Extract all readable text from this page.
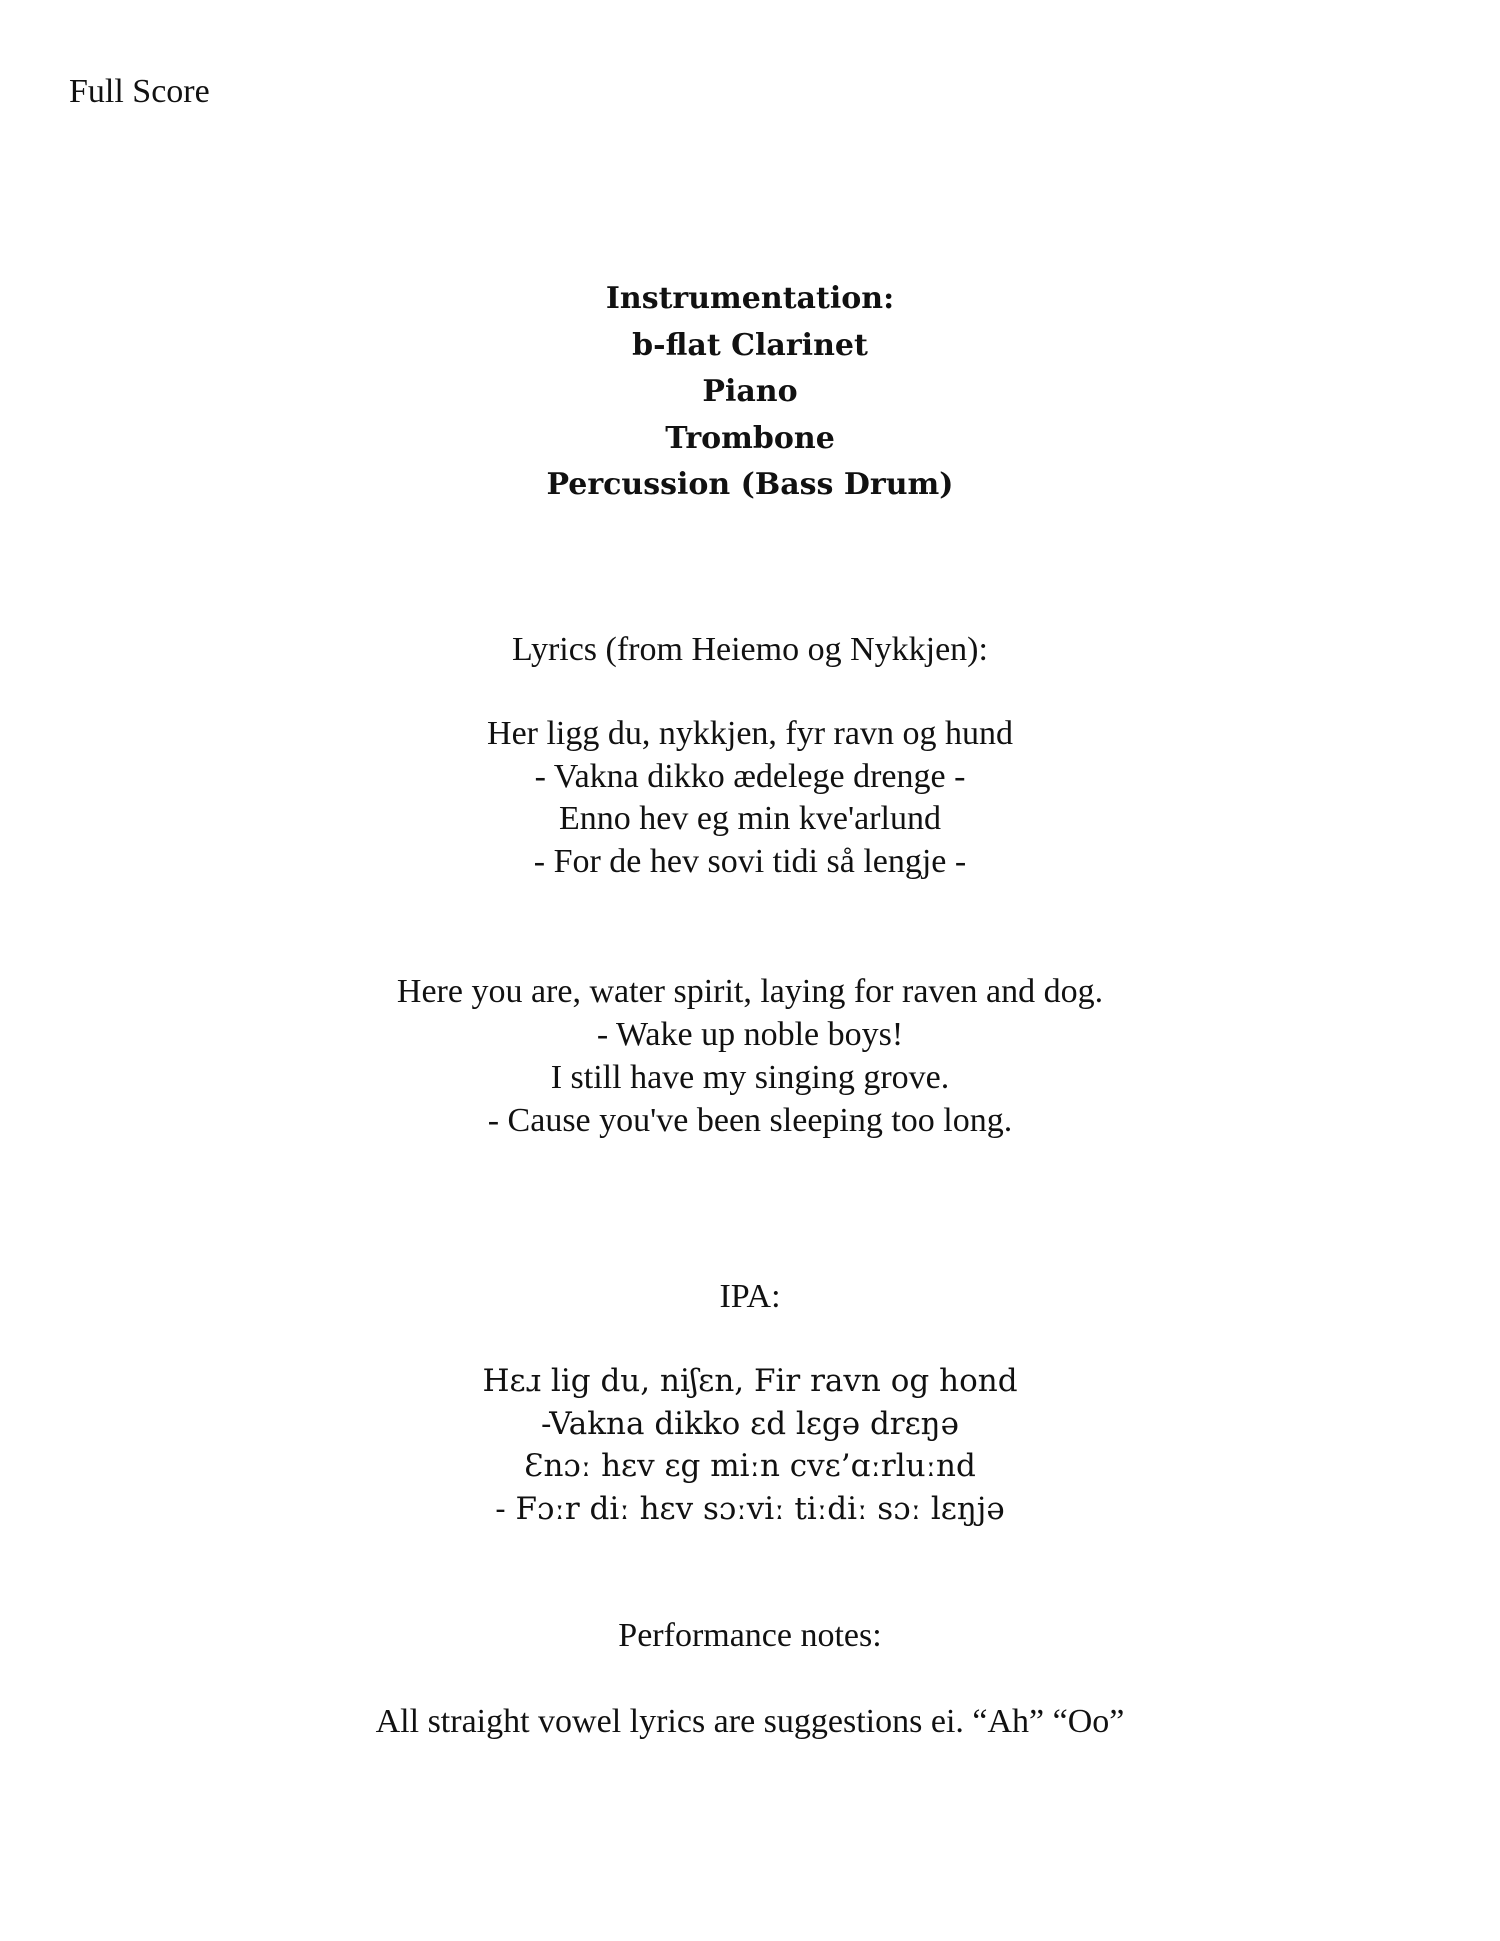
Full Score
Instrumentation:
b-flat Clarinet
Piano
Trombone
Percussion (Bass Drum)
Lyrics (from Heiemo og Nykkjen):
Her ligg du, nykkjen, fyr ravn og hund
- Vakna dikko ædelege drenge -
Enno hev eg min kve'arlund
- For de hev sovi tidi så lengje -
Here you are, water spirit, laying for raven and dog.
- Wake up noble boys!
I still have my singing grove.
- Cause you've been sleeping too long.
IPA:
Hɛɹ lig du, niʃɛn, Fir ravn og hond
-Vakna dikko ɛd lɛgə drɛŋə
Ɛnɔː hɛv ɛg miːn cvɛ’ɑːrluːnd
- Fɔːr diː hɛv sɔːviː tiːdiː sɔː lɛŋjə
Performance notes:
All straight vowel lyrics are suggestions ei. “Ah” “Oo”
